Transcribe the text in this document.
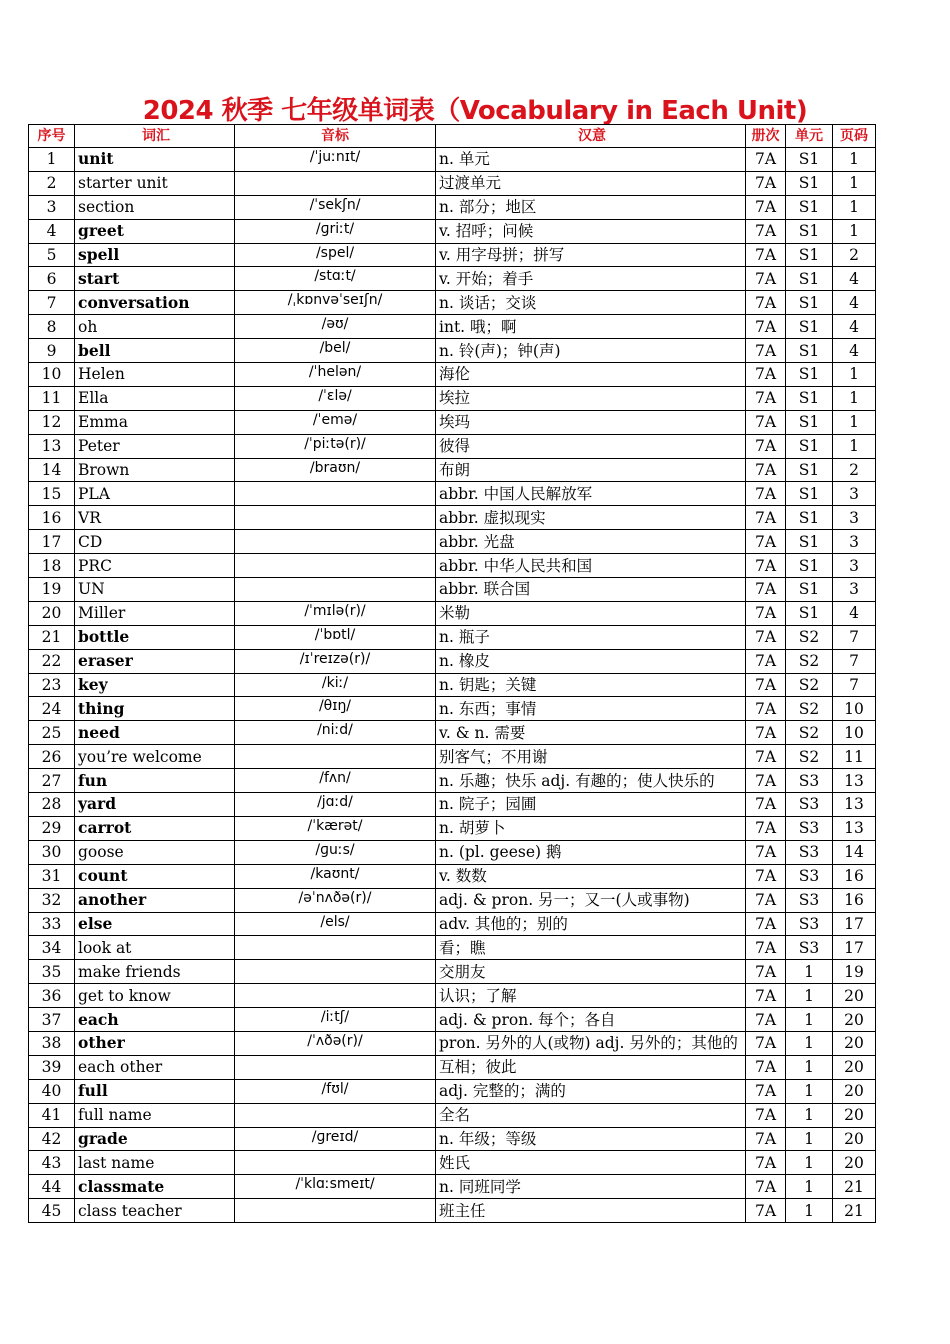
2024 秋季 七年级单词表（Vocabulary in Each Unit)
序号	词汇	音标	汉意	册次	单元	页码
1	unit	/ˈjuːnɪt/	n. 单元	7A	S1	1
2	starter unit		过渡单元	7A	S1	1
3	section	/ˈsekʃn/	n. 部分；地区	7A	S1	1
4	greet	/ɡriːt/	v. 招呼；问候	7A	S1	1
5	spell	/spel/	v. 用字母拼；拼写	7A	S1	2
6	start	/stɑːt/	v. 开始；着手	7A	S1	4
7	conversation	/ˌkɒnvəˈseɪʃn/	n. 谈话；交谈	7A	S1	4
8	oh	/əʊ/	int. 哦；啊	7A	S1	4
9	bell	/bel/	n. 铃(声)；钟(声)	7A	S1	4
10	Helen	/ˈhelən/	海伦	7A	S1	1
11	Ella	/ˈɛlə/	埃拉	7A	S1	1
12	Emma	/ˈemə/	埃玛	7A	S1	1
13	Peter	/ˈpiːtə(r)/	彼得	7A	S1	1
14	Brown	/braʊn/	布朗	7A	S1	2
15	PLA		abbr. 中国人民解放军	7A	S1	3
16	VR		abbr. 虚拟现实	7A	S1	3
17	CD		abbr. 光盘	7A	S1	3
18	PRC		abbr. 中华人民共和国	7A	S1	3
19	UN		abbr. 联合国	7A	S1	3
20	Miller	/ˈmɪlə(r)/	米勒	7A	S1	4
21	bottle	/ˈbɒtl/	n. 瓶子	7A	S2	7
22	eraser	/ɪˈreɪzə(r)/	n. 橡皮	7A	S2	7
23	key	/kiː/	n. 钥匙；关键	7A	S2	7
24	thing	/θɪŋ/	n. 东西；事情	7A	S2	10
25	need	/niːd/	v. & n. 需要	7A	S2	10
26	you’re welcome		别客气；不用谢	7A	S2	11
27	fun	/fʌn/	n. 乐趣；快乐 adj. 有趣的；使人快乐的	7A	S3	13
28	yard	/jɑːd/	n. 院子；园圃	7A	S3	13
29	carrot	/ˈkærət/	n. 胡萝卜	7A	S3	13
30	goose	/ɡuːs/	n. (pl. geese) 鹅	7A	S3	14
31	count	/kaʊnt/	v. 数数	7A	S3	16
32	another	/əˈnʌðə(r)/	adj. & pron. 另一；又一(人或事物)	7A	S3	16
33	else	/els/	adv. 其他的；别的	7A	S3	17
34	look at		看；瞧	7A	S3	17
35	make friends		交朋友	7A	1	19
36	get to know		认识；了解	7A	1	20
37	each	/iːtʃ/	adj. & pron. 每个；各自	7A	1	20
38	other	/ˈʌðə(r)/	pron. 另外的人(或物) adj. 另外的；其他的	7A	1	20
39	each other		互相；彼此	7A	1	20
40	full	/fʊl/	adj. 完整的；满的	7A	1	20
41	full name		全名	7A	1	20
42	grade	/ɡreɪd/	n. 年级；等级	7A	1	20
43	last name		姓氏	7A	1	20
44	classmate	/ˈklɑːsmeɪt/	n. 同班同学	7A	1	21
45	class teacher		班主任	7A	1	21
